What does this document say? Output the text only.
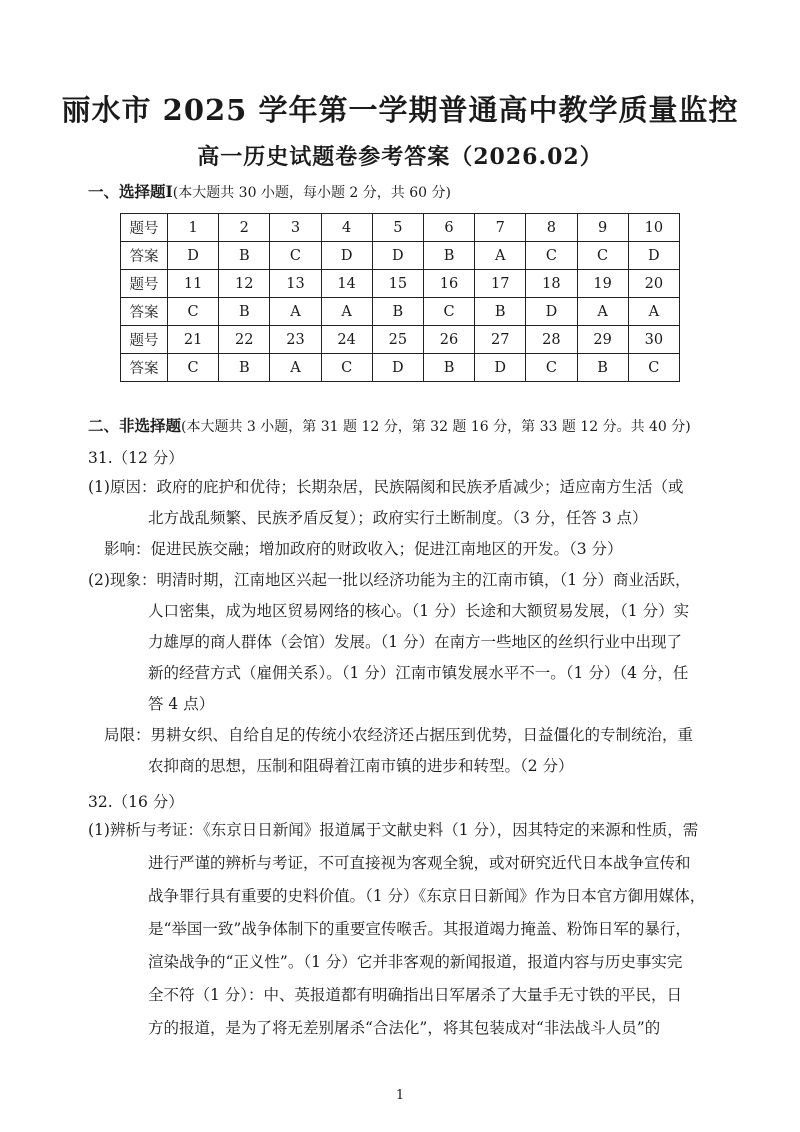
丽水市 2025 学年第一学期普通高中教学质量监控
高一历史试题卷参考答案（2026.02）
一、选择题Ⅰ(本大题共 30 小题，每小题 2 分，共 60 分)
题号	1	2	3	4	5	6	7	8	9	10
答案	D	B	C	D	D	B	A	C	C	D
题号	11	12	13	14	15	16	17	18	19	20
答案	C	B	A	A	B	C	B	D	A	A
题号	21	22	23	24	25	26	27	28	29	30
答案	C	B	A	C	D	B	D	C	B	C
二、非选择题(本大题共 3 小题，第 31 题 12 分，第 32 题 16 分，第 33 题 12 分。共 40 分)
31.（12 分）
(1)原因：政府的庇护和优待；长期杂居，民族隔阂和民族矛盾减少；适应南方生活（或
北方战乱频繁、民族矛盾反复）；政府实行土断制度。（3 分，任答 3 点）
影响：促进民族交融；增加政府的财政收入；促进江南地区的开发。（3 分）
(2)现象：明清时期，江南地区兴起一批以经济功能为主的江南市镇，（1 分）商业活跃，
人口密集，成为地区贸易网络的核心。（1 分）长途和大额贸易发展，（1 分）实
力雄厚的商人群体（会馆）发展。（1 分）在南方一些地区的丝织行业中出现了
新的经营方式（雇佣关系）。（1 分）江南市镇发展水平不一。（1 分）（4 分，任
答 4 点）
局限：男耕女织、自给自足的传统小农经济还占据压到优势，日益僵化的专制统治，重
农抑商的思想，压制和阻碍着江南市镇的进步和转型。（2 分）
32.（16 分）
(1)辨析与考证：《东京日日新闻》报道属于文献史料（1 分），因其特定的来源和性质，需
进行严谨的辨析与考证，不可直接视为客观全貌，或对研究近代日本战争宣传和
战争罪行具有重要的史料价值。（1 分）《东京日日新闻》作为日本官方御用媒体，
是“举国一致”战争体制下的重要宣传喉舌。其报道竭力掩盖、粉饰日军的暴行，
渲染战争的“正义性”。（1 分）它并非客观的新闻报道，报道内容与历史事实完
全不符（1 分）：中、英报道都有明确指出日军屠杀了大量手无寸铁的平民，日
方的报道，是为了将无差别屠杀“合法化”，将其包装成对“非法战斗人员”的
1
